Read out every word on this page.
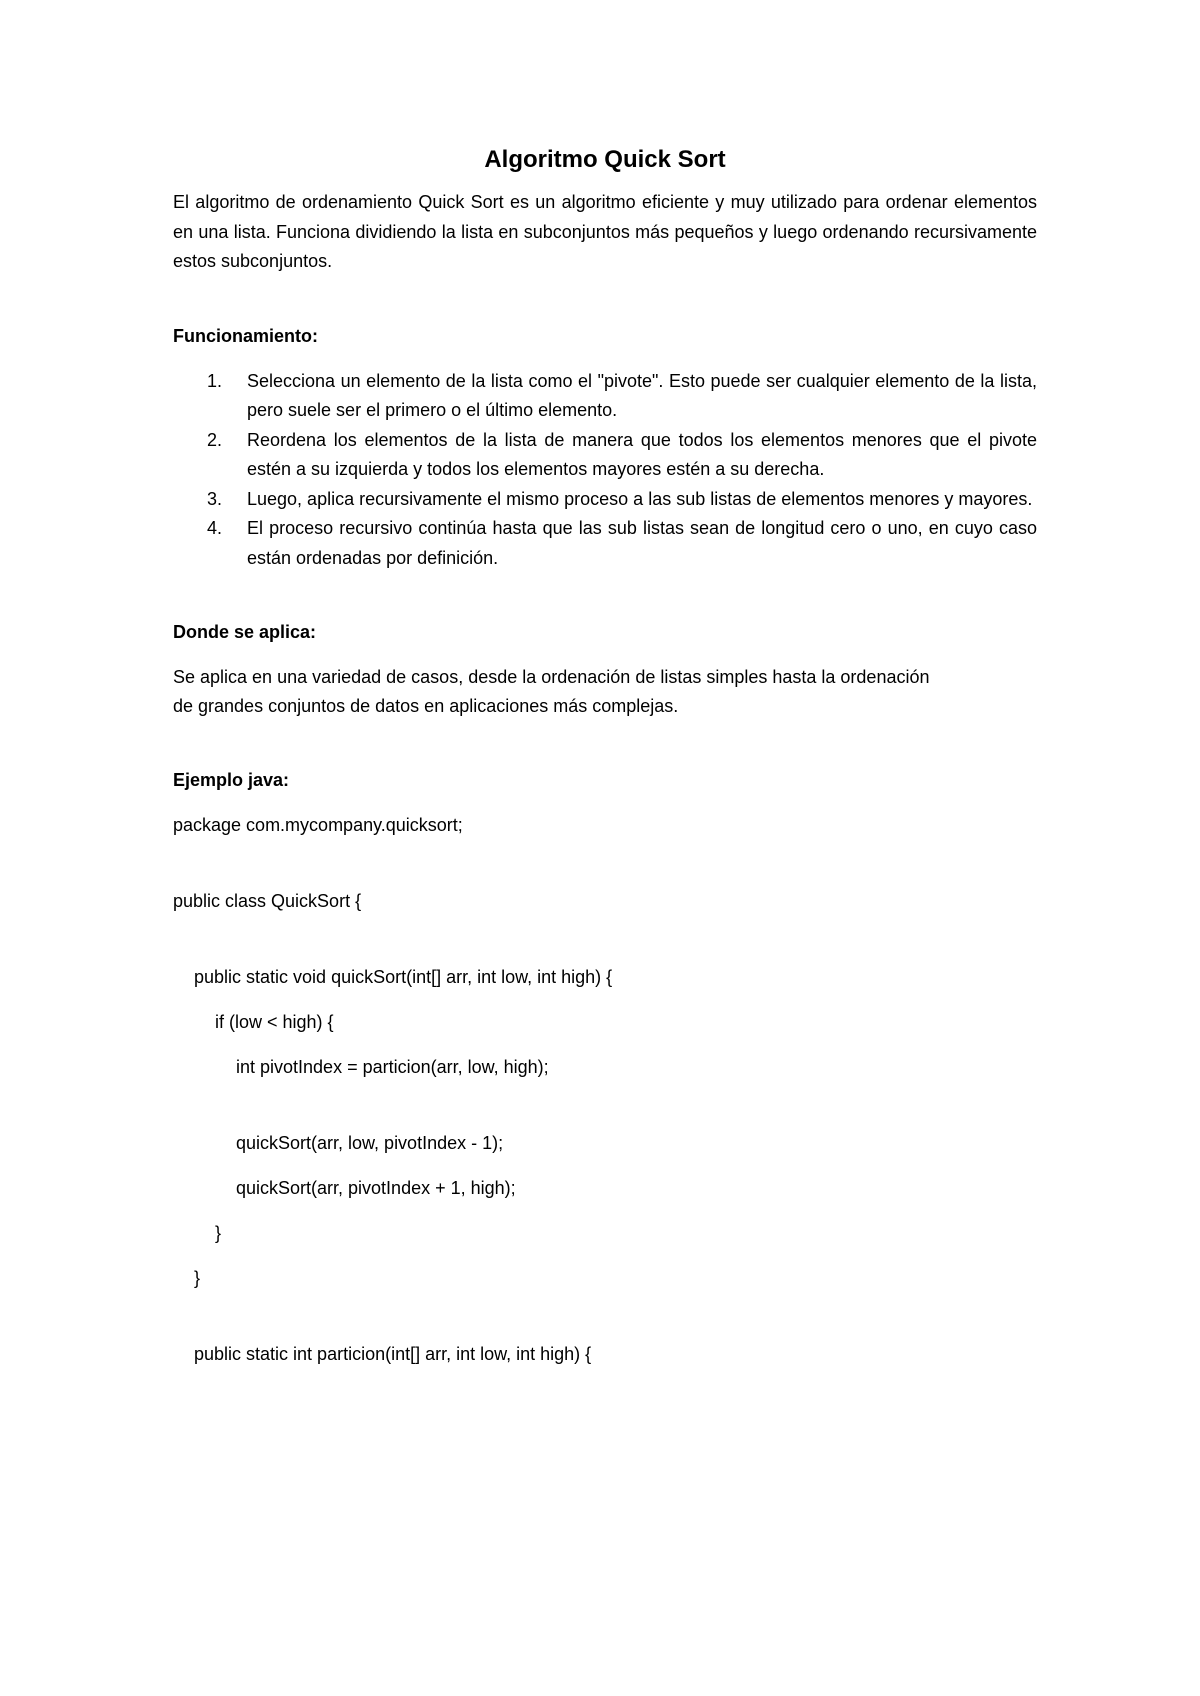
Algoritmo Quick Sort

El algoritmo de ordenamiento Quick Sort es un algoritmo eficiente y muy utilizado para ordenar elementos en una lista. Funciona dividiendo la lista en subconjuntos más pequeños y luego ordenando recursivamente estos subconjuntos.

Funcionamiento:

1. Selecciona un elemento de la lista como el "pivote". Esto puede ser cualquier elemento de la lista, pero suele ser el primero o el último elemento.
2. Reordena los elementos de la lista de manera que todos los elementos menores que el pivote estén a su izquierda y todos los elementos mayores estén a su derecha.
3. Luego, aplica recursivamente el mismo proceso a las sub listas de elementos menores y mayores.
4. El proceso recursivo continúa hasta que las sub listas sean de longitud cero o uno, en cuyo caso están ordenadas por definición.

Donde se aplica:

Se aplica en una variedad de casos, desde la ordenación de listas simples hasta la ordenación

de grandes conjuntos de datos en aplicaciones más complejas.

Ejemplo java:

package com.mycompany.quicksort;

public class QuickSort {

public static void quickSort(int[] arr, int low, int high) {

if (low < high) {

int pivotIndex = particion(arr, low, high);

quickSort(arr, low, pivotIndex - 1);

quickSort(arr, pivotIndex + 1, high);

}

}

public static int particion(int[] arr, int low, int high) {
